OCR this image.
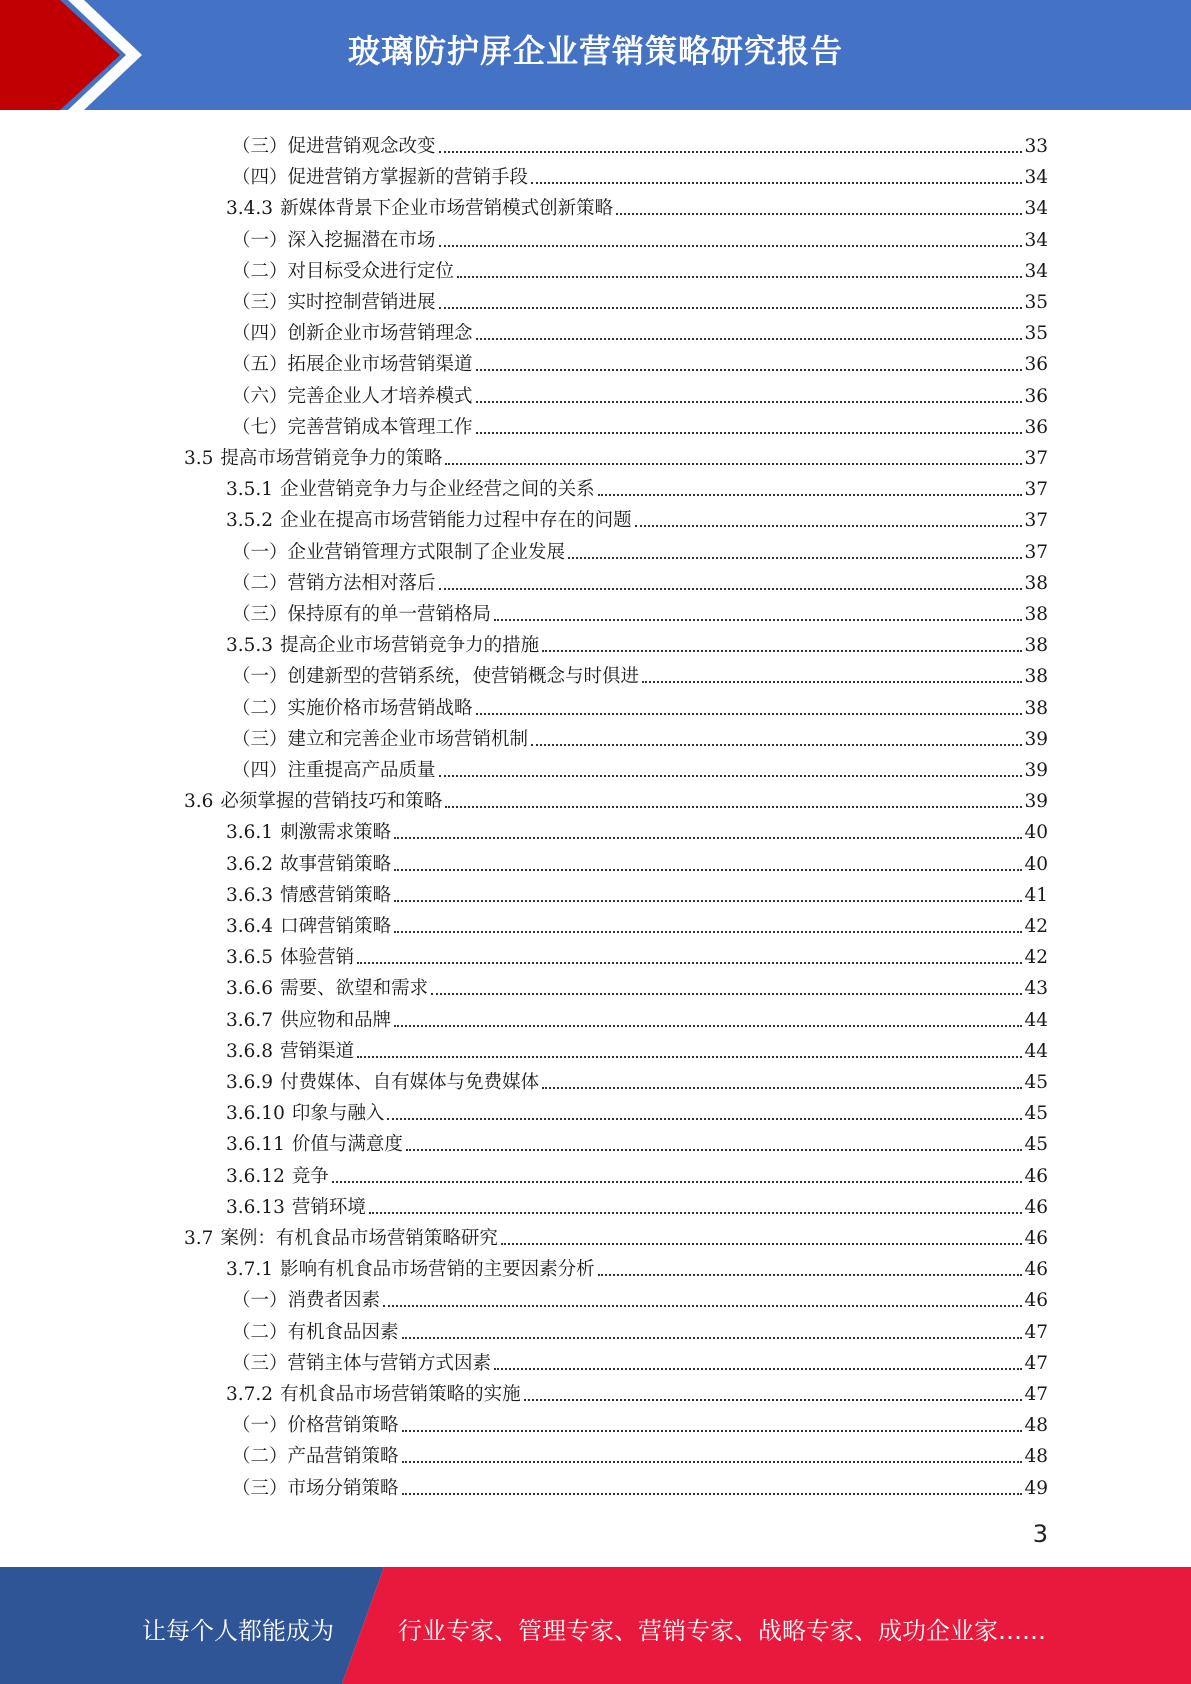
玻璃防护屏企业营销策略研究报告
（三）促进营销观念改变	33
（四）促进营销方掌握新的营销手段	34
3.4.3 新媒体背景下企业市场营销模式创新策略	34
（一）深入挖掘潜在市场	34
（二）对目标受众进行定位	34
（三）实时控制营销进展	35
（四）创新企业市场营销理念	35
（五）拓展企业市场营销渠道	36
（六）完善企业人才培养模式	36
（七）完善营销成本管理工作	36
3.5 提高市场营销竞争力的策略	37
3.5.1 企业营销竞争力与企业经营之间的关系	37
3.5.2 企业在提高市场营销能力过程中存在的问题	37
（一）企业营销管理方式限制了企业发展	37
（二）营销方法相对落后	38
（三）保持原有的单一营销格局	38
3.5.3 提高企业市场营销竞争力的措施	38
（一）创建新型的营销系统，使营销概念与时俱进	38
（二）实施价格市场营销战略	38
（三）建立和完善企业市场营销机制	39
（四）注重提高产品质量	39
3.6 必须掌握的营销技巧和策略	39
3.6.1 刺激需求策略	40
3.6.2 故事营销策略	40
3.6.3 情感营销策略	41
3.6.4 口碑营销策略	42
3.6.5 体验营销	42
3.6.6 需要、欲望和需求	43
3.6.7 供应物和品牌	44
3.6.8 营销渠道	44
3.6.9 付费媒体、自有媒体与免费媒体	45
3.6.10 印象与融入	45
3.6.11 价值与满意度	45
3.6.12 竞争	46
3.6.13 营销环境	46
3.7 案例：有机食品市场营销策略研究	46
3.7.1 影响有机食品市场营销的主要因素分析	46
（一）消费者因素	46
（二）有机食品因素	47
（三）营销主体与营销方式因素	47
3.7.2 有机食品市场营销策略的实施	47
（一）价格营销策略	48
（二）产品营销策略	48
（三）市场分销策略	49
3
让每个人都能成为	行业专家、管理专家、营销专家、战略专家、成功企业家……
